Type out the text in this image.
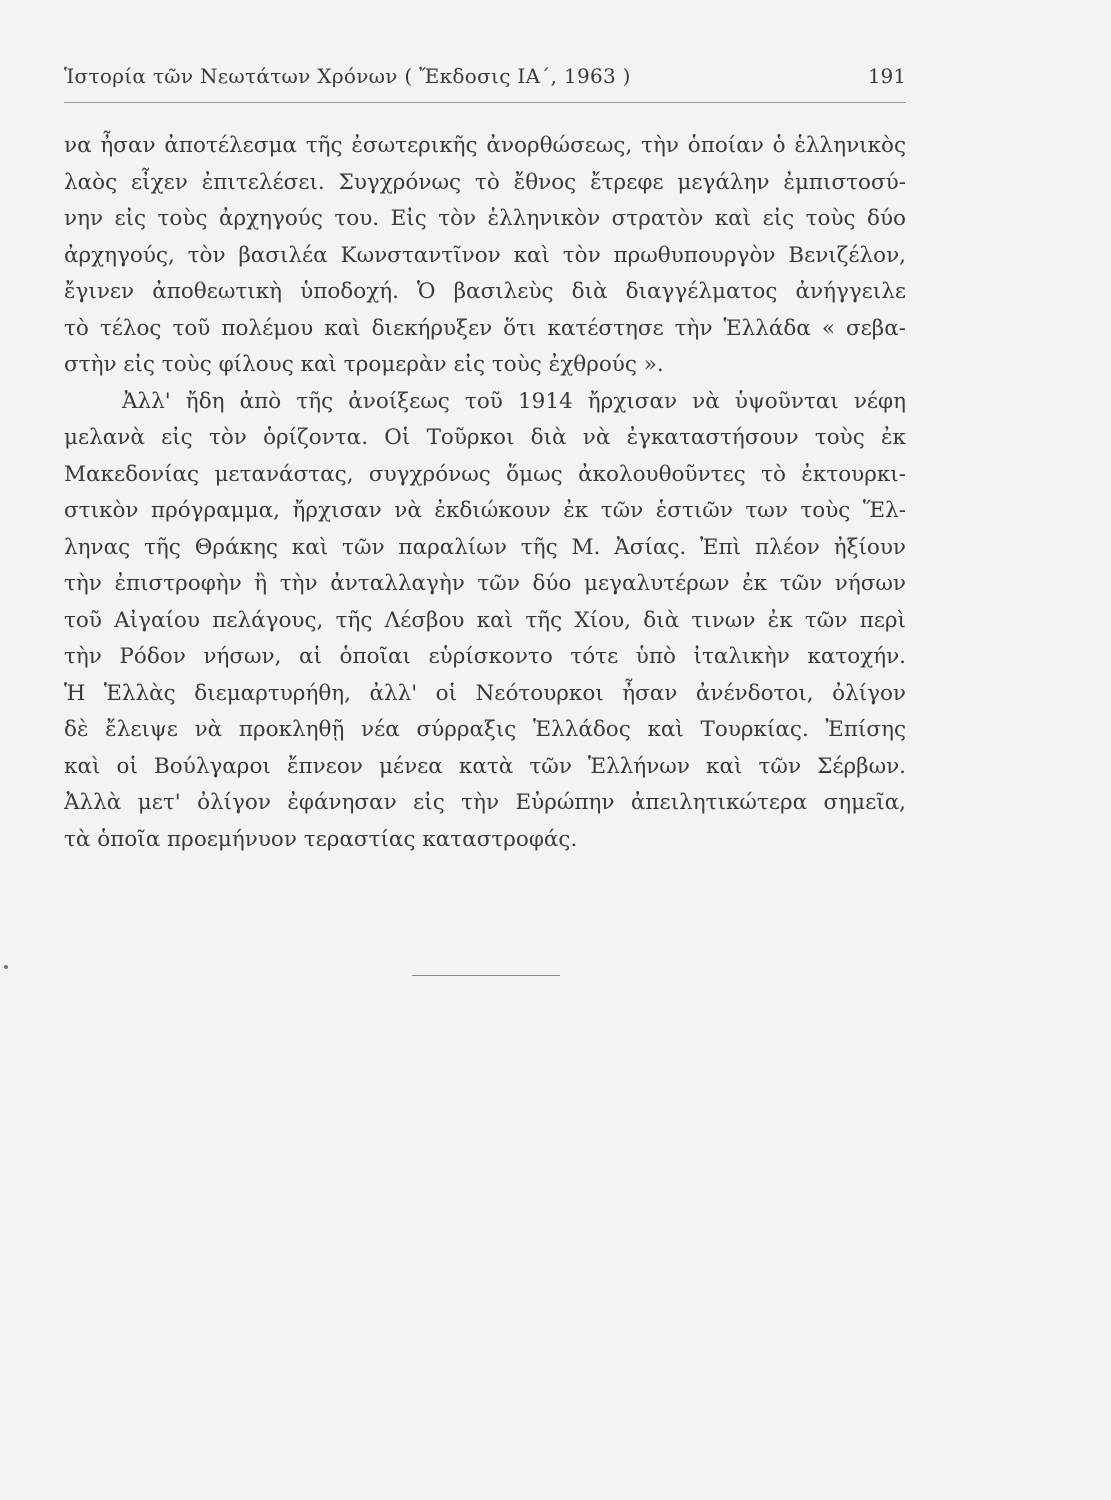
Ἱστορία τῶν Νεωτάτων Χρόνων ( Ἔκδοσις ΙΑ΄, 1963 )	191
να ἦσαν ἀποτέλεσμα τῆς ἐσωτερικῆς ἀνορθώσεως, τὴν ὁποίαν ὁ ἑλληνικὸς
λαὸς εἶχεν ἐπιτελέσει. Συγχρόνως τὸ ἔθνος ἔτρεφε μεγάλην ἐμπιστοσύ-
νην εἰς τοὺς ἀρχηγούς του. Εἰς τὸν ἑλληνικὸν στρατὸν καὶ εἰς τοὺς δύο
ἀρχηγούς, τὸν βασιλέα Κωνσταντῖνον καὶ τὸν πρωθυπουργὸν Βενιζέλον,
ἔγινεν ἀποθεωτικὴ ὑποδοχή. Ὁ βασιλεὺς διὰ διαγγέλματος ἀνήγγειλε
τὸ τέλος τοῦ πολέμου καὶ διεκήρυξεν ὅτι κατέστησε τὴν Ἑλλάδα « σεβα-
στὴν εἰς τοὺς φίλους καὶ τρομερὰν εἰς τοὺς ἐχθρούς ».
Ἀλλ' ἤδη ἀπὸ τῆς ἀνοίξεως τοῦ 1914 ἤρχισαν νὰ ὑψοῦνται νέφη
μελανὰ εἰς τὸν ὁρίζοντα. Οἱ Τοῦρκοι διὰ νὰ ἐγκαταστήσουν τοὺς ἐκ
Μακεδονίας μετανάστας, συγχρόνως ὅμως ἀκολουθοῦντες τὸ ἐκτουρκι-
στικὸν πρόγραμμα, ἤρχισαν νὰ ἐκδιώκουν ἐκ τῶν ἑστιῶν των τοὺς Ἕλ-
ληνας τῆς Θράκης καὶ τῶν παραλίων τῆς Μ. Ἀσίας. Ἐπὶ πλέον ἠξίουν
τὴν ἐπιστροφὴν ἢ τὴν ἀνταλλαγὴν τῶν δύο μεγαλυτέρων ἐκ τῶν νήσων
τοῦ Αἰγαίου πελάγους, τῆς Λέσβου καὶ τῆς Χίου, διὰ τινων ἐκ τῶν περὶ
τὴν Ρόδον νήσων, αἱ ὁποῖαι εὑρίσκοντο τότε ὑπὸ ἰταλικὴν κατοχήν.
Ἡ Ἑλλὰς διεμαρτυρήθη, ἀλλ' οἱ Νεότουρκοι ἦσαν ἀνένδοτοι, ὀλίγον
δὲ ἔλειψε νὰ προκληθῇ νέα σύρραξις Ἑλλάδος καὶ Τουρκίας. Ἐπίσης
καὶ οἱ Βούλγαροι ἔπνεον μένεα κατὰ τῶν Ἑλλήνων καὶ τῶν Σέρβων.
Ἀλλὰ μετ' ὀλίγον ἐφάνησαν εἰς τὴν Εὐρώπην ἀπειλητικώτερα σημεῖα,
τὰ ὁποῖα προεμήνυον τεραστίας καταστροφάς.
